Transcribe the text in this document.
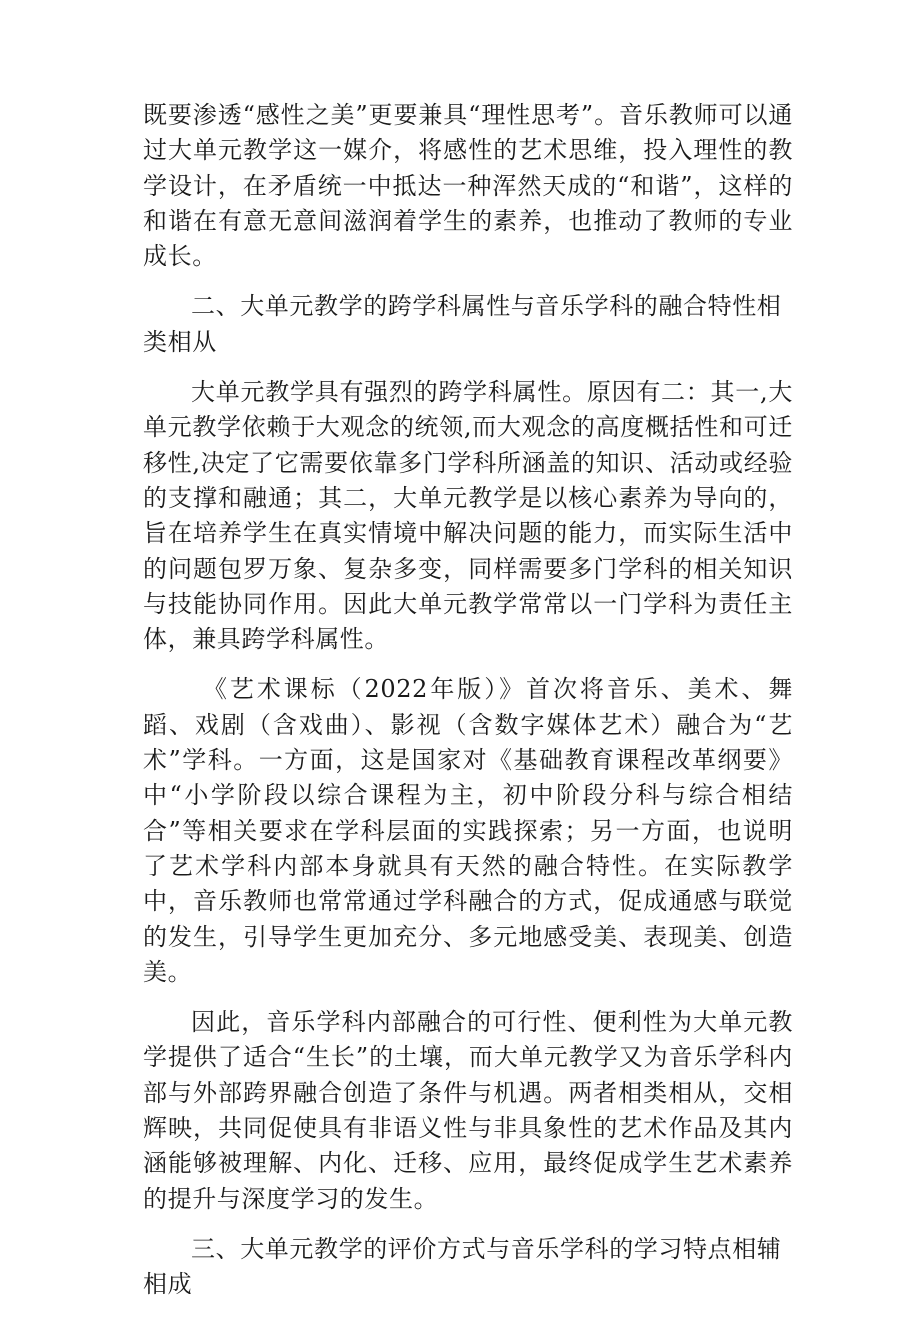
既要渗透“感性之美”更要兼具“理性思考”。音乐教师可以通过大单元教学这一媒介，将感性的艺术思维，投入理性的教学设计，在矛盾统一中抵达一种浑然天成的“和谐”，这样的和谐在有意无意间滋润着学生的素养，也推动了教师的专业成长。

二、大单元教学的跨学科属性与音乐学科的融合特性相类相从

大单元教学具有强烈的跨学科属性。原因有二：其一,大单元教学依赖于大观念的统领,而大观念的高度概括性和可迁移性,决定了它需要依靠多门学科所涵盖的知识、活动或经验的支撑和融通；其二，大单元教学是以核心素养为导向的，旨在培养学生在真实情境中解决问题的能力，而实际生活中的问题包罗万象、复杂多变，同样需要多门学科的相关知识与技能协同作用。因此大单元教学常常以一门学科为责任主体，兼具跨学科属性。

《艺术课标（2022年版）》首次将音乐、美术、舞蹈、戏剧（含戏曲）、影视（含数字媒体艺术）融合为“艺术”学科。一方面，这是国家对《基础教育课程改革纲要》中“小学阶段以综合课程为主，初中阶段分科与综合相结合”等相关要求在学科层面的实践探索；另一方面，也说明了艺术学科内部本身就具有天然的融合特性。在实际教学中，音乐教师也常常通过学科融合的方式，促成通感与联觉的发生，引导学生更加充分、多元地感受美、表现美、创造美。

因此，音乐学科内部融合的可行性、便利性为大单元教学提供了适合“生长”的土壤，而大单元教学又为音乐学科内部与外部跨界融合创造了条件与机遇。两者相类相从，交相辉映，共同促使具有非语义性与非具象性的艺术作品及其内涵能够被理解、内化、迁移、应用，最终促成学生艺术素养的提升与深度学习的发生。

三、大单元教学的评价方式与音乐学科的学习特点相辅相成
